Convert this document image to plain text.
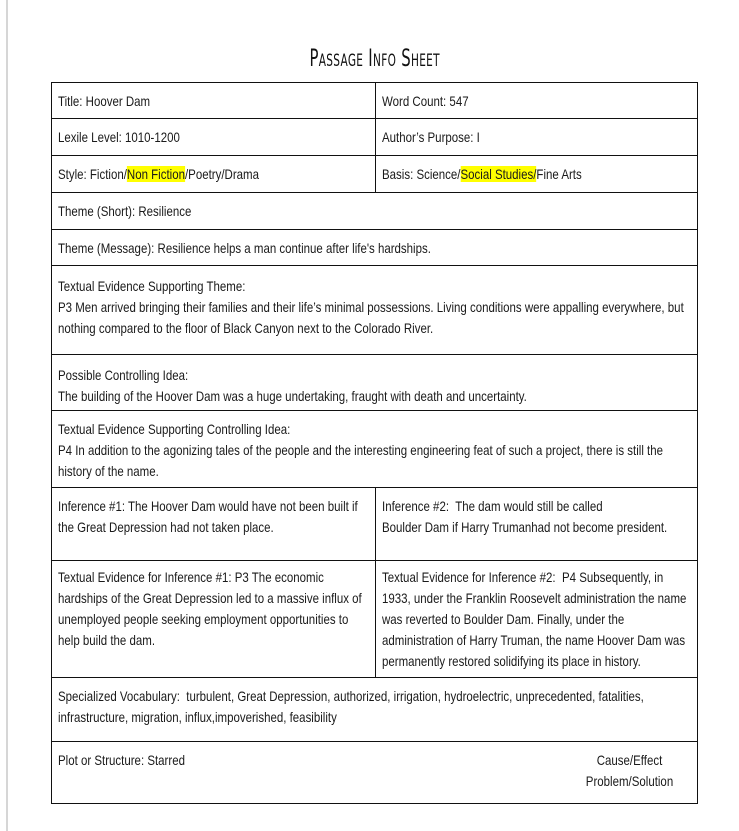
Passage Info Sheet
Title: Hoover Dam	Word Count: 547
Lexile Level: 1010-1200	Author’s Purpose: I
Style: Fiction/Non Fiction/Poetry/Drama	Basis: Science/Social Studies/Fine Arts
Theme (Short): Resilience	
Theme (Message): Resilience helps a man continue after life's hardships.	
Textual Evidence Supporting Theme:
P3 Men arrived bringing their families and their life’s minimal possessions. Living conditions were appalling everywhere, but nothing compared to the floor of Black Canyon next to the Colorado River.	
Possible Controlling Idea:
The building of the Hoover Dam was a huge undertaking, fraught with death and uncertainty.	
Textual Evidence Supporting Controlling Idea:
P4 In addition to the agonizing tales of the people and the interesting engineering feat of such a project, there is still the history of the name.	
Inference #1: The Hoover Dam would have not been built if the Great Depression had not taken place.	Inference #2: The dam would still be called
Boulder Dam if Harry Trumanhad not become president.
Textual Evidence for Inference #1: P3 The economic hardships of the Great Depression led to a massive influx of unemployed people seeking employment opportunities to help build the dam.	Textual Evidence for Inference #2: P4 Subsequently, in 1933, under the Franklin Roosevelt administration the name was reverted to Boulder Dam. Finally, under the administration of Harry Truman, the name Hoover Dam was permanently restored solidifying its place in history.
Specialized Vocabulary: turbulent, Great Depression, authorized, irrigation, hydroelectric, unprecedented, fatalities, infrastructure, migration, influx,impoverished, feasibility	

Plot or Structure: Starred Cause/Effect
Problem/Solution	
